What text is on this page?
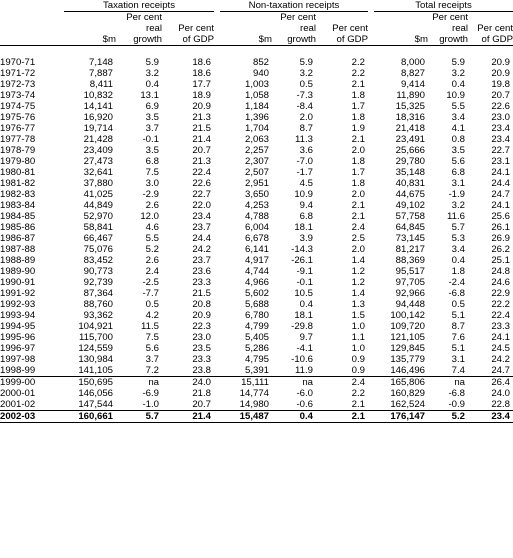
	Taxation receipts				Non-taxation receipts				Total receipts		
		Per cent				Per cent				Per cent	
		real	Per cent			real	Per cent			real	Per cent
	$m	growth	of GDP		$m	growth	of GDP		$m	growth	of GDP

1970-71	7,148	5.9	18.6		852	5.9	2.2		8,000	5.9	20.9
1971-72	7,887	3.2	18.6		940	3.2	2.2		8,827	3.2	20.9
1972-73	8,411	0.4	17.7		1,003	0.5	2.1		9,414	0.4	19.8
1973-74	10,832	13.1	18.9		1,058	-7.3	1.8		11,890	10.9	20.7
1974-75	14,141	6.9	20.9		1,184	-8.4	1.7		15,325	5.5	22.6
1975-76	16,920	3.5	21.3		1,396	2.0	1.8		18,316	3.4	23.0
1976-77	19,714	3.7	21.5		1,704	8.7	1.9		21,418	4.1	23.4
1977-78	21,428	-0.1	21.4		2,063	11.3	2.1		23,491	0.8	23.4
1978-79	23,409	3.5	20.7		2,257	3.6	2.0		25,666	3.5	22.7
1979-80	27,473	6.8	21.3		2,307	-7.0	1.8		29,780	5.6	23.1
1980-81	32,641	7.5	22.4		2,507	-1.7	1.7		35,148	6.8	24.1
1981-82	37,880	3.0	22.6		2,951	4.5	1.8		40,831	3.1	24.4
1982-83	41,025	-2.9	22.7		3,650	10.9	2.0		44,675	-1.9	24.7
1983-84	44,849	2.6	22.0		4,253	9.4	2.1		49,102	3.2	24.1
1984-85	52,970	12.0	23.4		4,788	6.8	2.1		57,758	11.6	25.6
1985-86	58,841	4.6	23.7		6,004	18.1	2.4		64,845	5.7	26.1
1986-87	66,467	5.5	24.4		6,678	3.9	2.5		73,145	5.3	26.9
1987-88	75,076	5.2	24.2		6,141	-14.3	2.0		81,217	3.4	26.2
1988-89	83,452	2.6	23.7		4,917	-26.1	1.4		88,369	0.4	25.1
1989-90	90,773	2.4	23.6		4,744	-9.1	1.2		95,517	1.8	24.8
1990-91	92,739	-2.5	23.3		4,966	-0.1	1.2		97,705	-2.4	24.6
1991-92	87,364	-7.7	21.5		5,602	10.5	1.4		92,966	-6.8	22.9
1992-93	88,760	0.5	20.8		5,688	0.4	1.3		94,448	0.5	22.2
1993-94	93,362	4.2	20.9		6,780	18.1	1.5		100,142	5.1	22.4
1994-95	104,921	11.5	22.3		4,799	-29.8	1.0		109,720	8.7	23.3
1995-96	115,700	7.5	23.0		5,405	9.7	1.1		121,105	7.6	24.1
1996-97	124,559	5.6	23.5		5,286	-4.1	1.0		129,845	5.1	24.5
1997-98	130,984	3.7	23.3		4,795	-10.6	0.9		135,779	3.1	24.2
1998-99	141,105	7.2	23.8		5,391	11.9	0.9		146,496	7.4	24.7
1999-00	150,695	na	24.0		15,111	na	2.4		165,806	na	26.4
2000-01	146,056	-6.9	21.8		14,774	-6.0	2.2		160,829	-6.8	24.0
2001-02	147,544	-1.0	20.7		14,980	-0.6	2.1		162,524	-0.9	22.8
2002-03	160,661	5.7	21.4		15,487	0.4	2.1		176,147	5.2	23.4
